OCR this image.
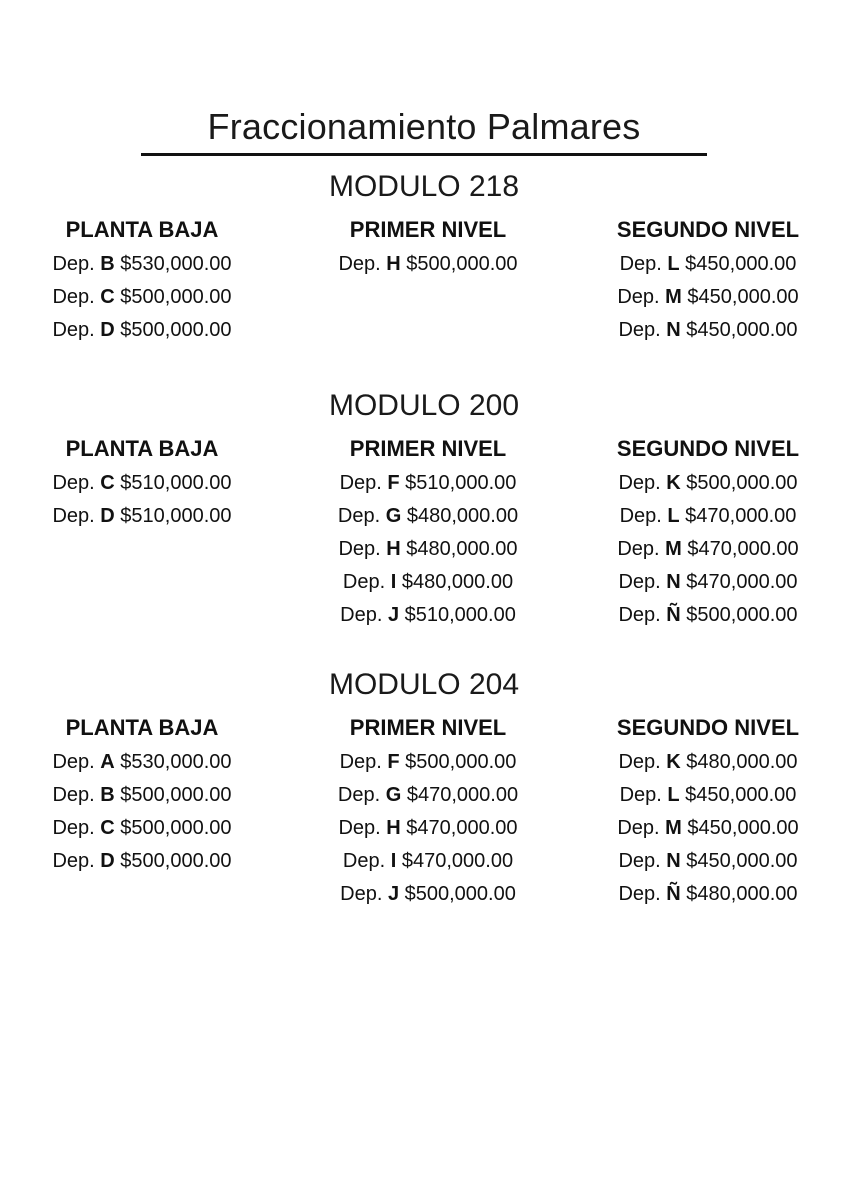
Fraccionamiento Palmares
MODULO 218
PLANTA BAJA
Dep. B $530,000.00
Dep. C $500,000.00
Dep. D $500,000.00
PRIMER NIVEL
Dep. H $500,000.00
SEGUNDO NIVEL
Dep. L $450,000.00
Dep. M $450,000.00
Dep. N $450,000.00
MODULO 200
PLANTA BAJA
Dep. C $510,000.00
Dep. D $510,000.00
PRIMER NIVEL
Dep. F $510,000.00
Dep. G $480,000.00
Dep. H $480,000.00
Dep. I $480,000.00
Dep. J $510,000.00
SEGUNDO NIVEL
Dep. K $500,000.00
Dep. L $470,000.00
Dep. M $470,000.00
Dep. N $470,000.00
Dep. Ñ $500,000.00
MODULO 204
PLANTA BAJA
Dep. A $530,000.00
Dep. B $500,000.00
Dep. C $500,000.00
Dep. D $500,000.00
PRIMER NIVEL
Dep. F $500,000.00
Dep. G $470,000.00
Dep. H $470,000.00
Dep. I $470,000.00
Dep. J $500,000.00
SEGUNDO NIVEL
Dep. K $480,000.00
Dep. L $450,000.00
Dep. M $450,000.00
Dep. N $450,000.00
Dep. Ñ $480,000.00
